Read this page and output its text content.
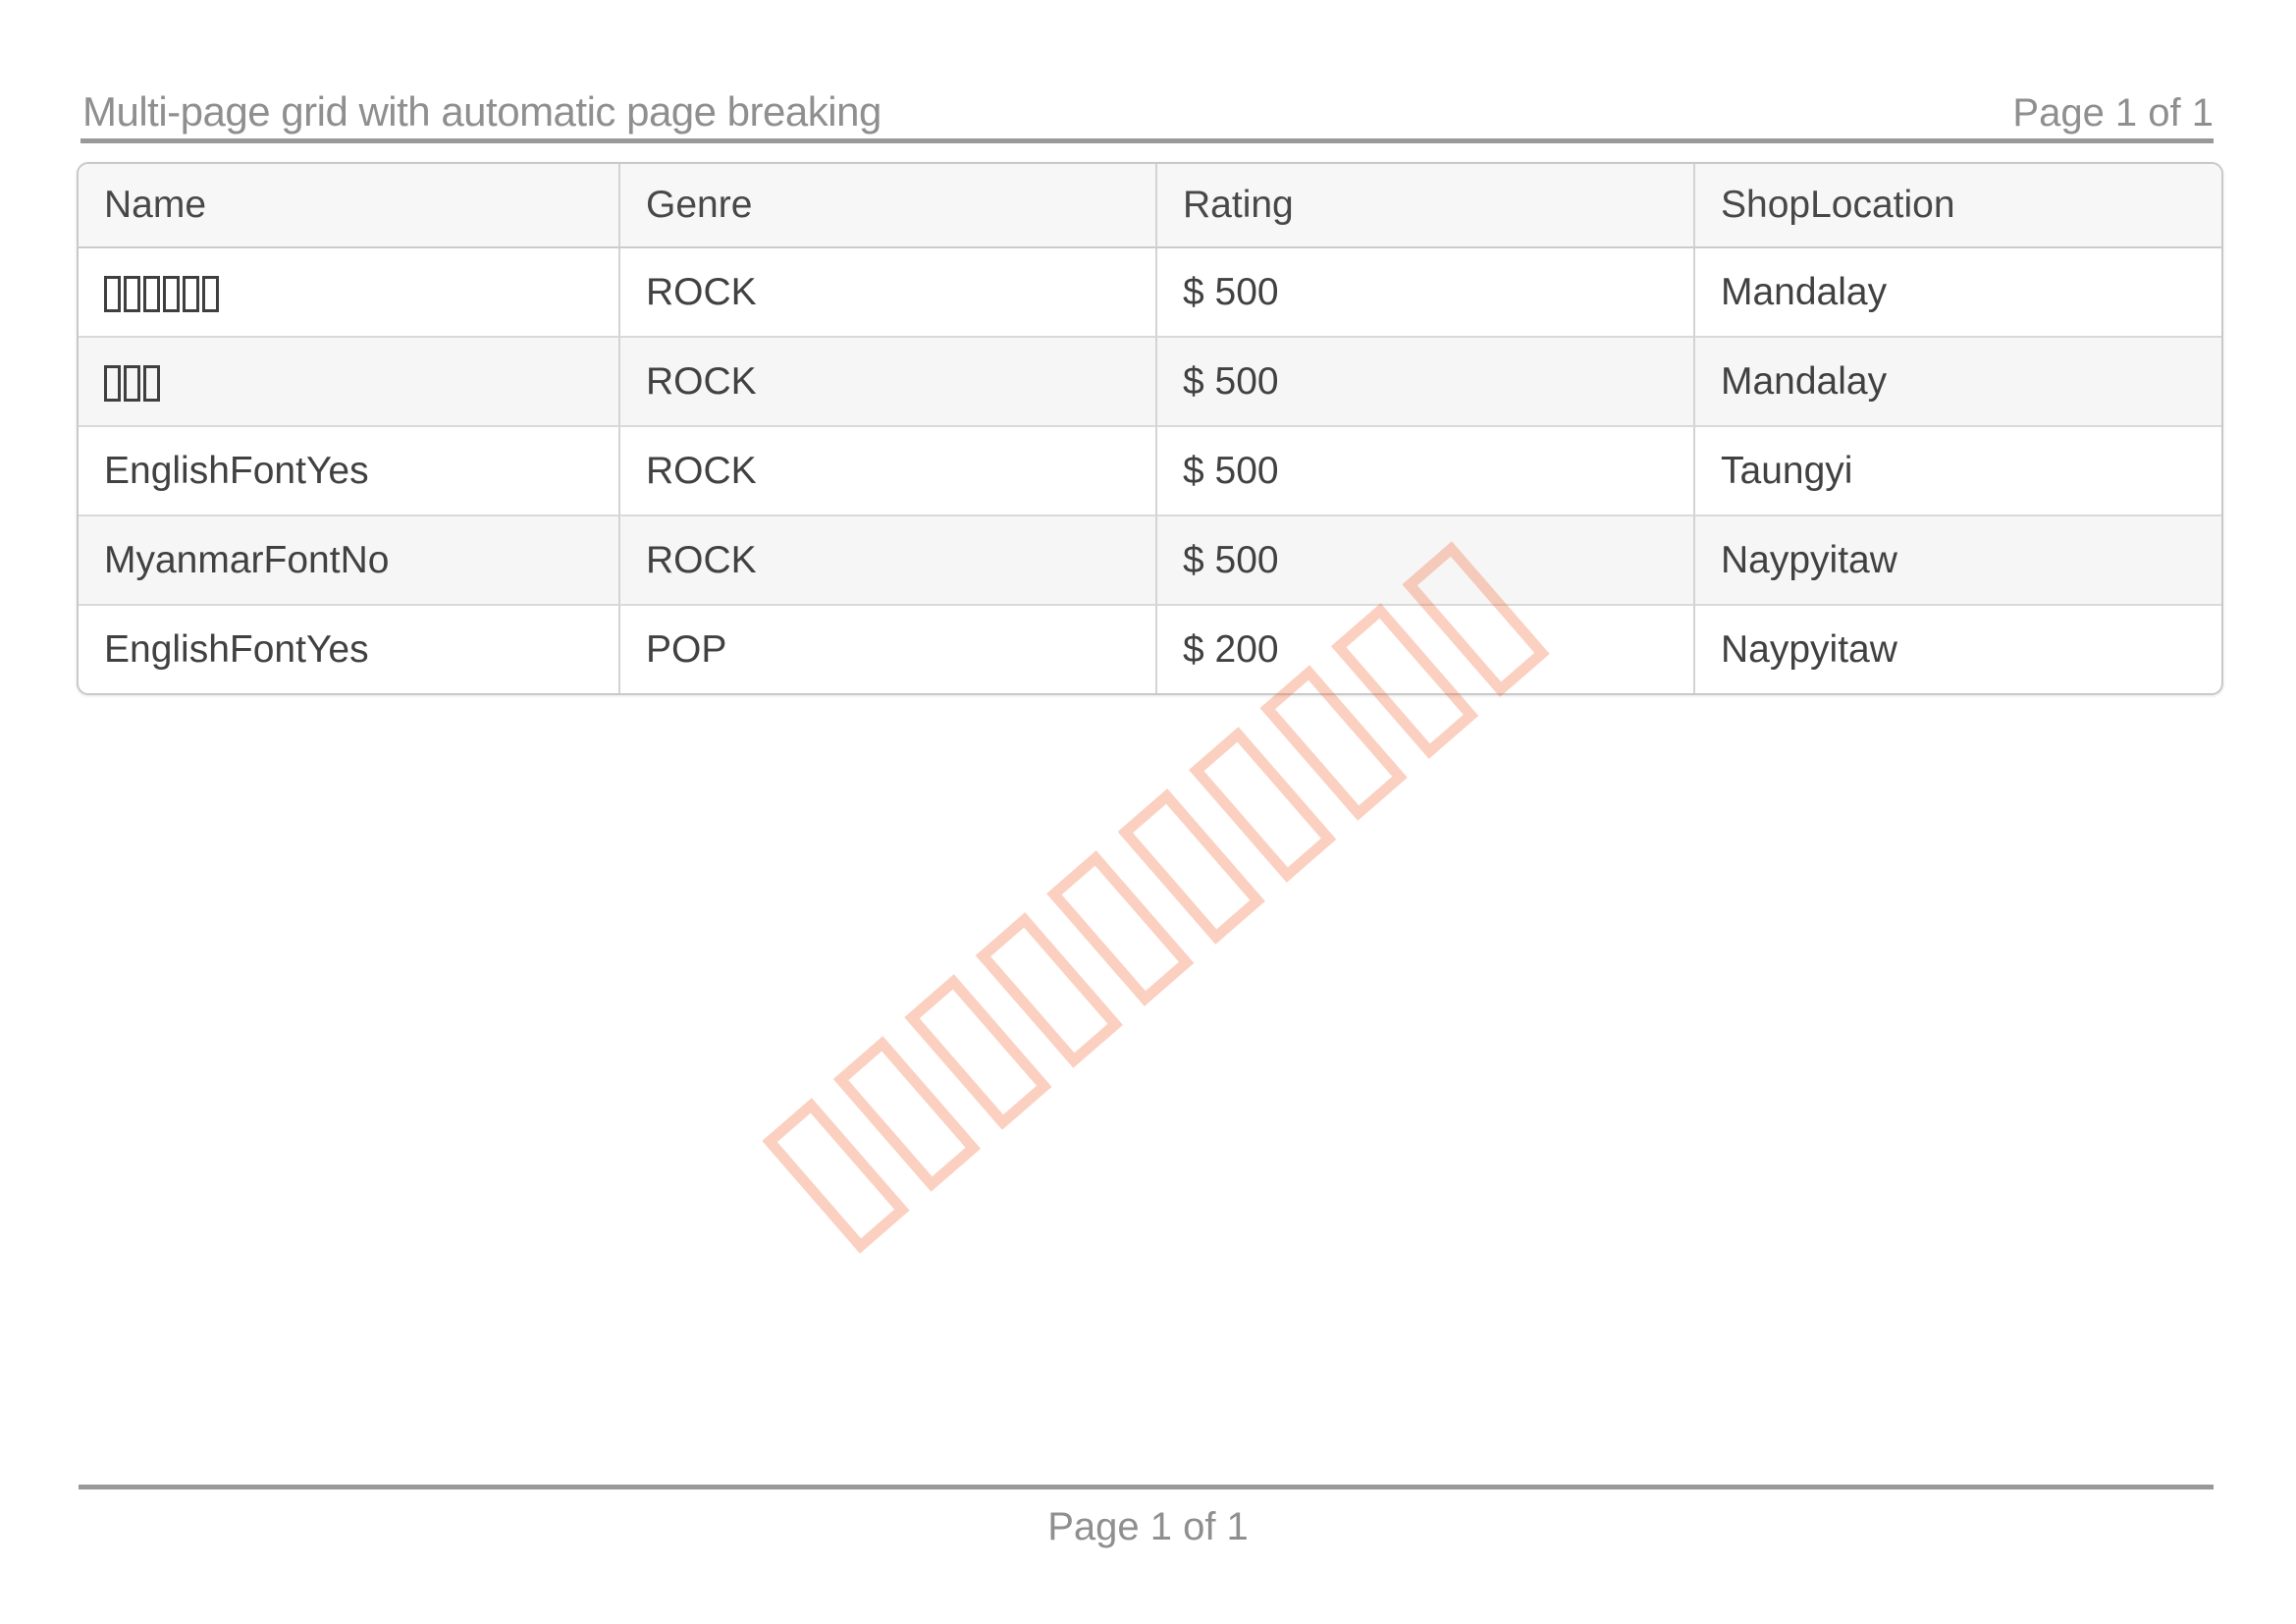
Multi-page grid with automatic page breaking	Page 1 of 1
Name	Genre	Rating	ShopLocation
	ROCK	$ 500	Mandalay
	ROCK	$ 500	Mandalay
EnglishFontYes	ROCK	$ 500	Taungyi
MyanmarFontNo	ROCK	$ 500	Naypyitaw
EnglishFontYes	POP	$ 200	Naypyitaw
Page 1 of 1
